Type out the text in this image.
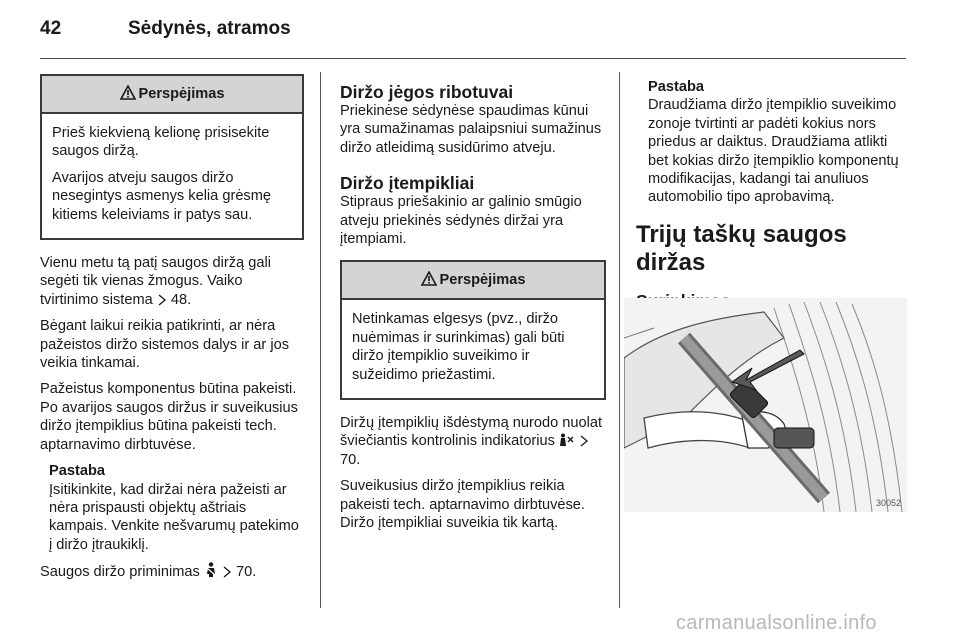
42	Sėdynės, atramos
Perspėjimas

Prieš kiekvieną kelionę prisisekite saugos diržą.

Avarijos atveju saugos diržo nesegintys asmenys kelia grėsmę kitiems keleiviams ir patys sau.

Vienu metu tą patį saugos diržą gali segėti tik vienas žmogus. Vaiko tvirtinimo sistema 48.

Bėgant laikui reikia patikrinti, ar nėra pažeistos diržo sistemos dalys ir ar jos veikia tinkamai.

Pažeistus komponentus būtina pakeisti. Po avarijos saugos diržus ir suveikusius diržo įtempiklius būtina pakeisti tech. aptarnavimo dirbtuvėse.

Pastaba
Įsitikinkite, kad diržai nėra pažeisti ar nėra prispausti objektų aštriais kampais. Venkite nešvarumų patekimo į diržo įtraukiklį.

Saugos diržo priminimas 70.

Diržo jėgos ribotuvai

Priekinėse sėdynėse spaudimas kūnui yra sumažinamas palaipsniui sumažinus diržo atleidimą susidūrimo atveju.

Diržo įtempikliai

Stipraus priešakinio ar galinio smūgio atveju priekinės sėdynės diržai yra įtempiami.

Perspėjimas

Netinkamas elgesys (pvz., diržo nuėmimas ir surinkimas) gali būti diržo įtempiklio suveikimo ir sužeidimo priežastimi.

Diržų įtempiklių išdėstymą nurodo nuolat šviečiantis kontrolinis indikatorius   70.

Suveikusius diržo įtempiklius reikia pakeisti tech. aptarnavimo dirbtuvėse. Diržo įtempikliai suveikia tik kartą.

Pastaba
Draudžiama diržo įtempiklio suveikimo zonoje tvirtinti ar padėti kokius nors priedus ar daiktus. Draudžiama atlikti bet kokias diržo įtempiklio komponentų modifikacijas, kadangi tai anuliuos automobilio tipo aprobavimą.
Trijų taškų saugos diržas
30052
carmanualsonline.info
